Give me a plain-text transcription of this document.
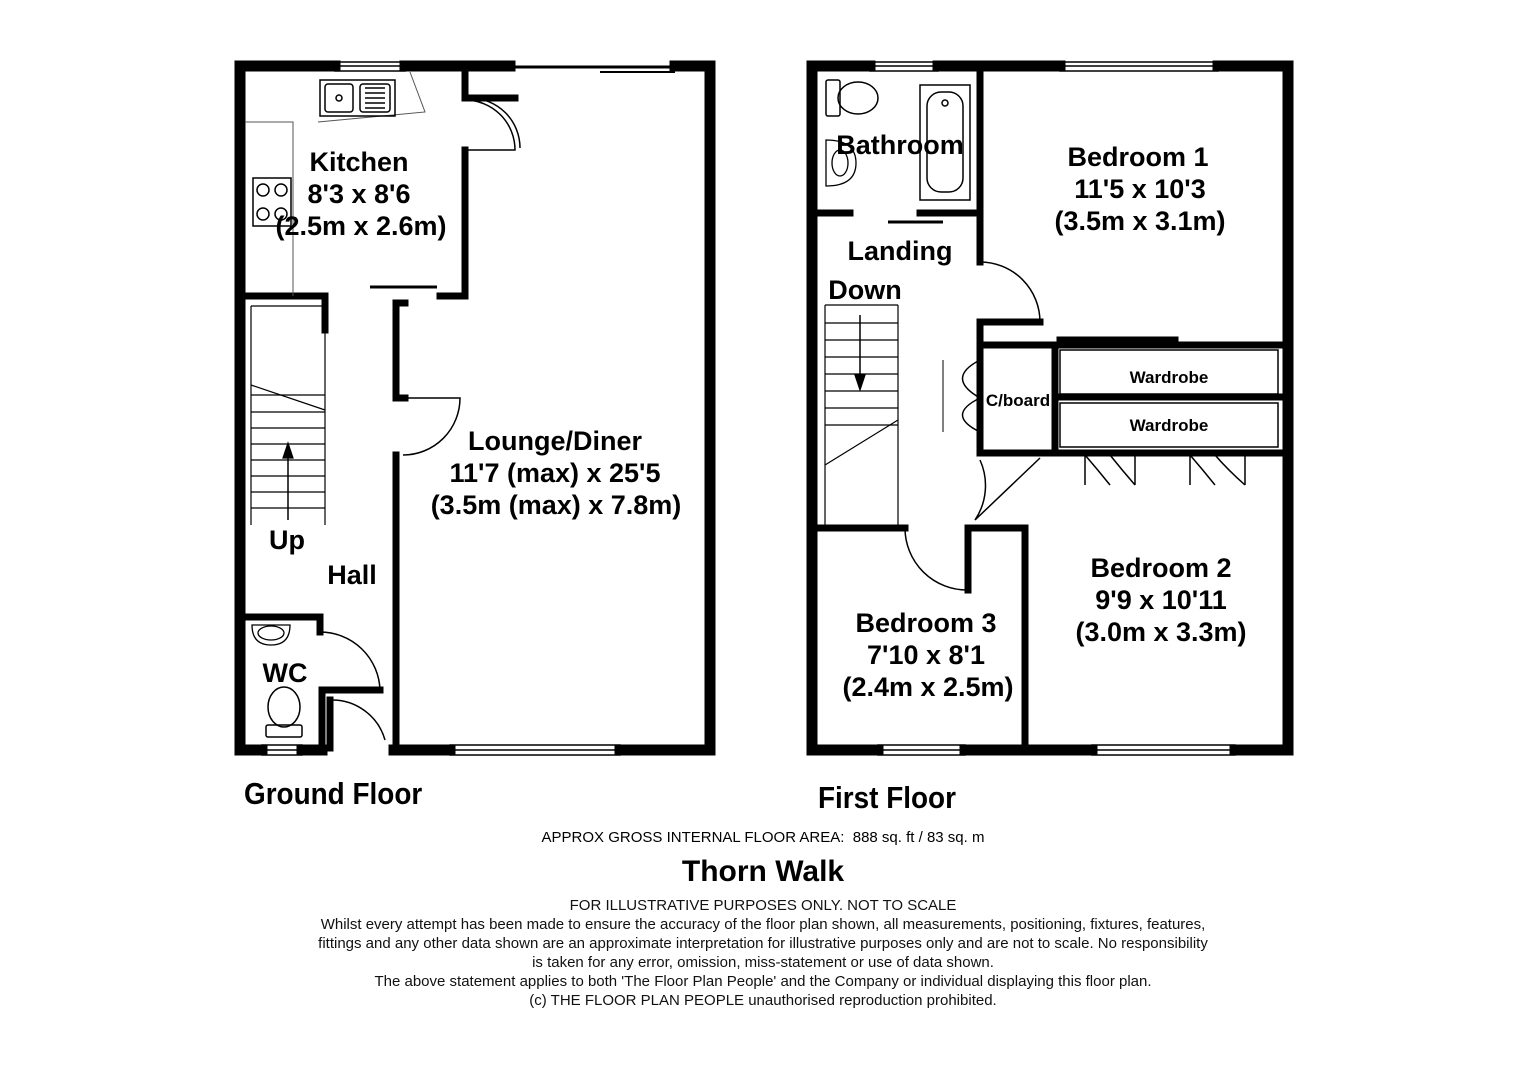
Kitchen
8'3 x 8'6
(2.5m x 2.6m)
Lounge/Diner
11'7 (max) x 25'5
(3.5m (max) x 7.8m)
Up
Hall
WC
Bathroom	Bedroom 1
11'5 x 10'3
(3.5m x 3.1m)
Landing
Down
Bedroom 2
9'9 x 10'11
(3.0m x 3.3m)
Bedroom 3
7'10 x 8'1
(2.4m x 2.5m)
C/board
Wardrobe
Wardrobe
Ground Floor	First Floor
APPROX GROSS INTERNAL FLOOR AREA: 888 sq. ft / 83 sq. m
Thorn Walk
FOR ILLUSTRATIVE PURPOSES ONLY. NOT TO SCALE
Whilst every attempt has been made to ensure the accuracy of the floor plan shown, all measurements, positioning, fixtures, features,
fittings and any other data shown are an approximate interpretation for illustrative purposes only and are not to scale. No responsibility
is taken for any error, omission, miss-statement or use of data shown.
The above statement applies to both 'The Floor Plan People' and the Company or individual displaying this floor plan.
(c) THE FLOOR PLAN PEOPLE unauthorised reproduction prohibited.
